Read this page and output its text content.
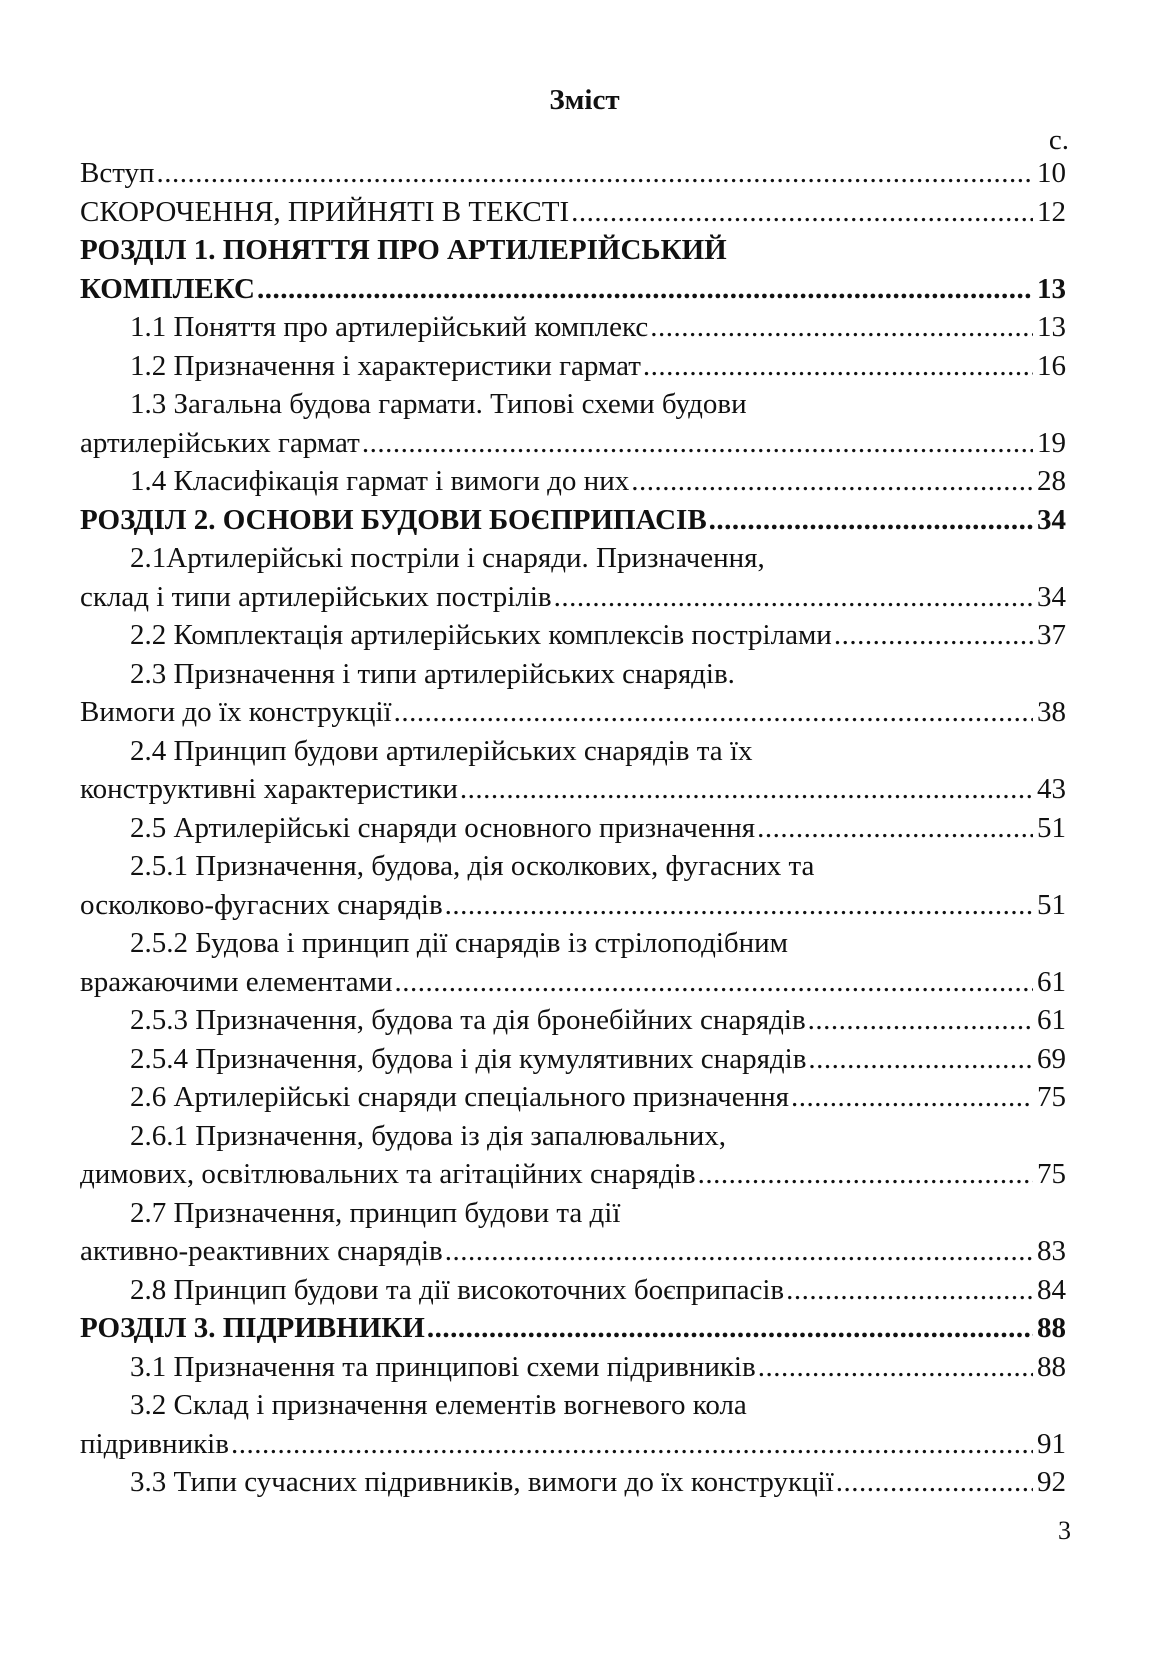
Зміст
с.
Вступ .....	10
СКОРОЧЕННЯ, ПРИЙНЯТІ В ТЕКСТІ .....	12
РОЗДІЛ 1. ПОНЯТТЯ ПРО АРТИЛЕРІЙСЬКИЙ
КОМПЛЕКС .....	13
1.1 Поняття про артилерійський комплекс .....	13
1.2 Призначення і характеристики гармат .....	16
1.3 Загальна будова гармати. Типові схеми будови
артилерійських гармат .....	19
1.4 Класифікація гармат і вимоги до них .....	28
РОЗДІЛ 2. ОСНОВИ БУДОВИ БОЄПРИПАСІВ .....	34
2.1Артилерійські постріли і снаряди. Призначення,
склад і типи артилерійських пострілів .....	34
2.2 Комплектація артилерійських комплексів пострілами .....	37
2.3 Призначення і типи артилерійських снарядів.
Вимоги до їх конструкції .....	38
2.4 Принцип будови артилерійських снарядів та їх
конструктивні характеристики .....	43
2.5 Артилерійські снаряди основного призначення .....	51
2.5.1 Призначення, будова, дія осколкових, фугасних та
осколково-фугасних снарядів .....	51
2.5.2 Будова і принцип дії снарядів із стрілоподібним
вражаючими елементами .....	61
2.5.3 Призначення, будова та дія бронебійних снарядів .....	61
2.5.4 Призначення, будова і дія кумулятивних снарядів .....	69
2.6 Артилерійські снаряди спеціального призначення .....	75
2.6.1 Призначення, будова із дія запалювальних,
димових, освітлювальних та агітаційних снарядів .....	75
2.7 Призначення, принцип будови та дії
активно-реактивних снарядів .....	83
2.8 Принцип будови та дії високоточних боєприпасів .....	84
РОЗДІЛ 3. ПІДРИВНИКИ .....	88
3.1 Призначення та принципові схеми підривників .....	88
3.2 Склад і призначення елементів вогневого кола
підривників .....	91
3.3 Типи сучасних підривників, вимоги до їх конструкції .....	92
3
